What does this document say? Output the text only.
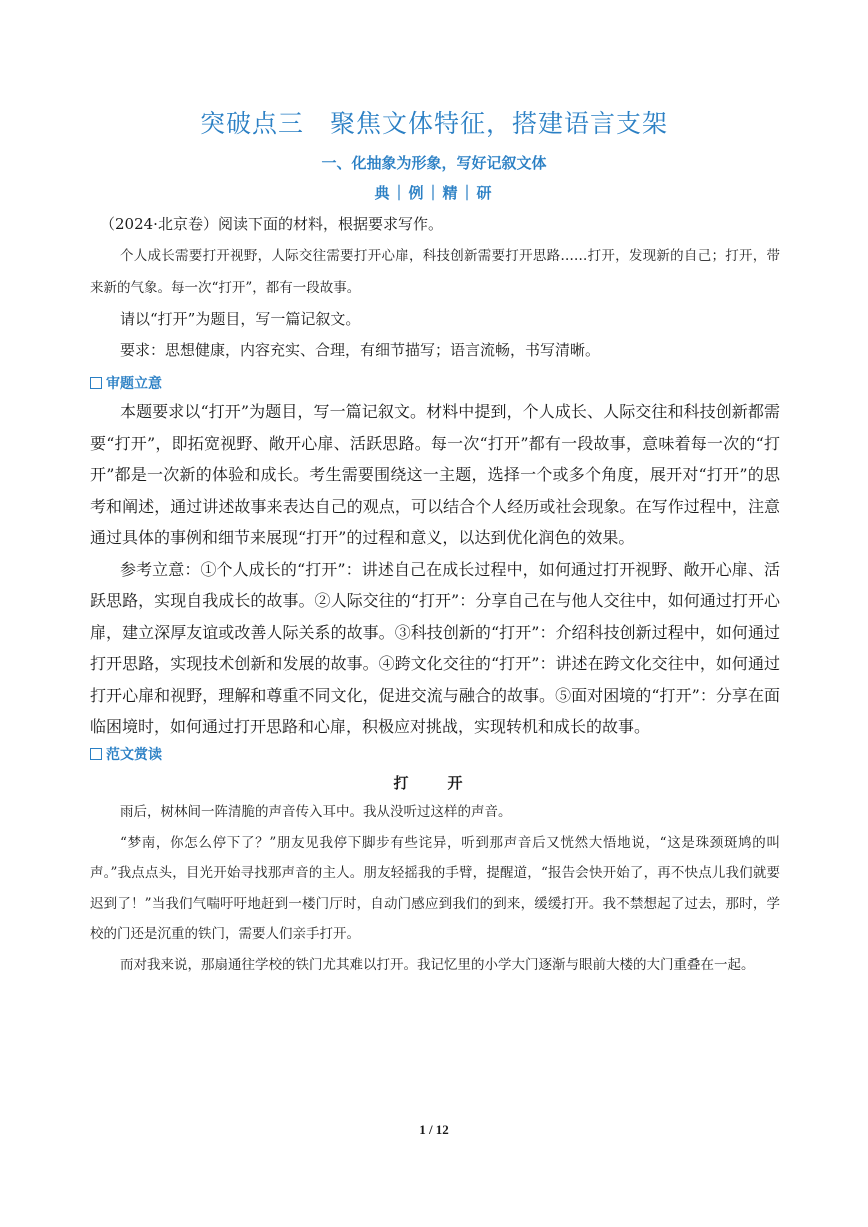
突破点三　聚焦文体特征，搭建语言支架
一、化抽象为形象，写好记叙文体
典｜例｜精｜研

（2024·北京卷）阅读下面的材料，根据要求写作。

个人成长需要打开视野，人际交往需要打开心扉，科技创新需要打开思路……打开，发现新的自己；打开，带来新的气象。每一次“打开”，都有一段故事。

请以“打开”为题目，写一篇记叙文。

要求：思想健康，内容充实、合理，有细节描写；语言流畅，书写清晰。

审题立意

本题要求以“打开”为题目，写一篇记叙文。材料中提到，个人成长、人际交往和科技创新都需要“打开”，即拓宽视野、敞开心扉、活跃思路。每一次“打开”都有一段故事，意味着每一次的“打开”都是一次新的体验和成长。考生需要围绕这一主题，选择一个或多个角度，展开对“打开”的思考和阐述，通过讲述故事来表达自己的观点，可以结合个人经历或社会现象。在写作过程中，注意通过具体的事例和细节来展现“打开”的过程和意义，以达到优化润色的效果。

参考立意：①个人成长的“打开”：讲述自己在成长过程中，如何通过打开视野、敞开心扉、活跃思路，实现自我成长的故事。②人际交往的“打开”：分享自己在与他人交往中，如何通过打开心扉，建立深厚友谊或改善人际关系的故事。③科技创新的“打开”：介绍科技创新过程中，如何通过打开思路，实现技术创新和发展的故事。④跨文化交往的“打开”：讲述在跨文化交往中，如何通过打开心扉和视野，理解和尊重不同文化，促进交流与融合的故事。⑤面对困境的“打开”：分享在面临困境时，如何通过打开思路和心扉，积极应对挑战，实现转机和成长的故事。

范文赏读
打　开

雨后，树林间一阵清脆的声音传入耳中。我从没听过这样的声音。

“梦南，你怎么停下了？”朋友见我停下脚步有些诧异，听到那声音后又恍然大悟地说，“这是珠颈斑鸠的叫声。”我点点头，目光开始寻找那声音的主人。朋友轻摇我的手臂，提醒道，“报告会快开始了，再不快点儿我们就要迟到了！”当我们气喘吁吁地赶到一楼门厅时，自动门感应到我们的到来，缓缓打开。我不禁想起了过去，那时，学校的门还是沉重的铁门，需要人们亲手打开。

而对我来说，那扇通往学校的铁门尤其难以打开。我记忆里的小学大门逐渐与眼前大楼的大门重叠在一起。

1 / 12
